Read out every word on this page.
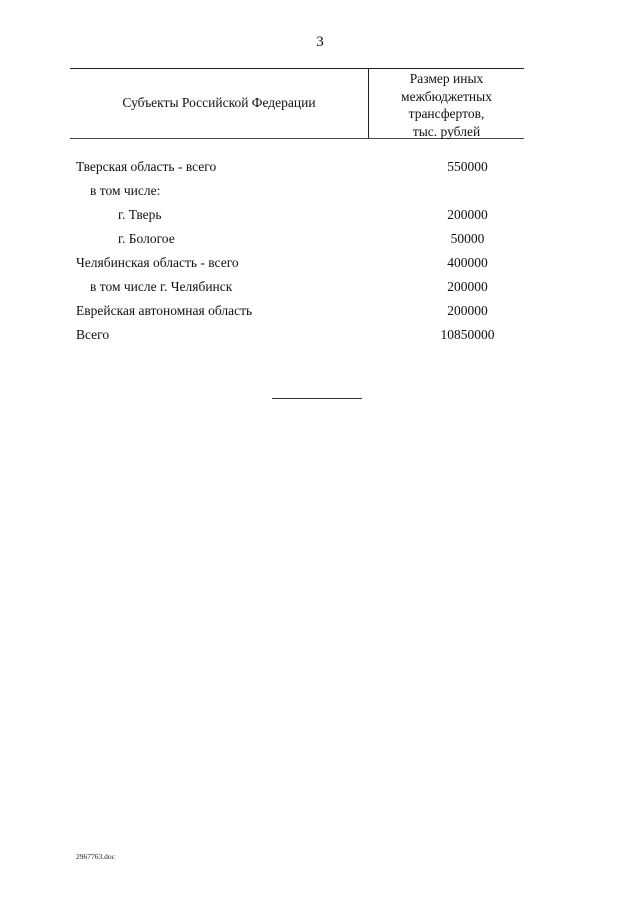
3
Субъекты Российской Федерации
Размер иных
межбюджетных
трансфертов,
тыс. рублей
Тверская область - всего	550000
в том числе:
г. Тверь	200000
г. Бологое	50000
Челябинская область - всего	400000
в том числе г. Челябинск	200000
Еврейская автономная область	200000
Всего	10850000
2967763.doc
